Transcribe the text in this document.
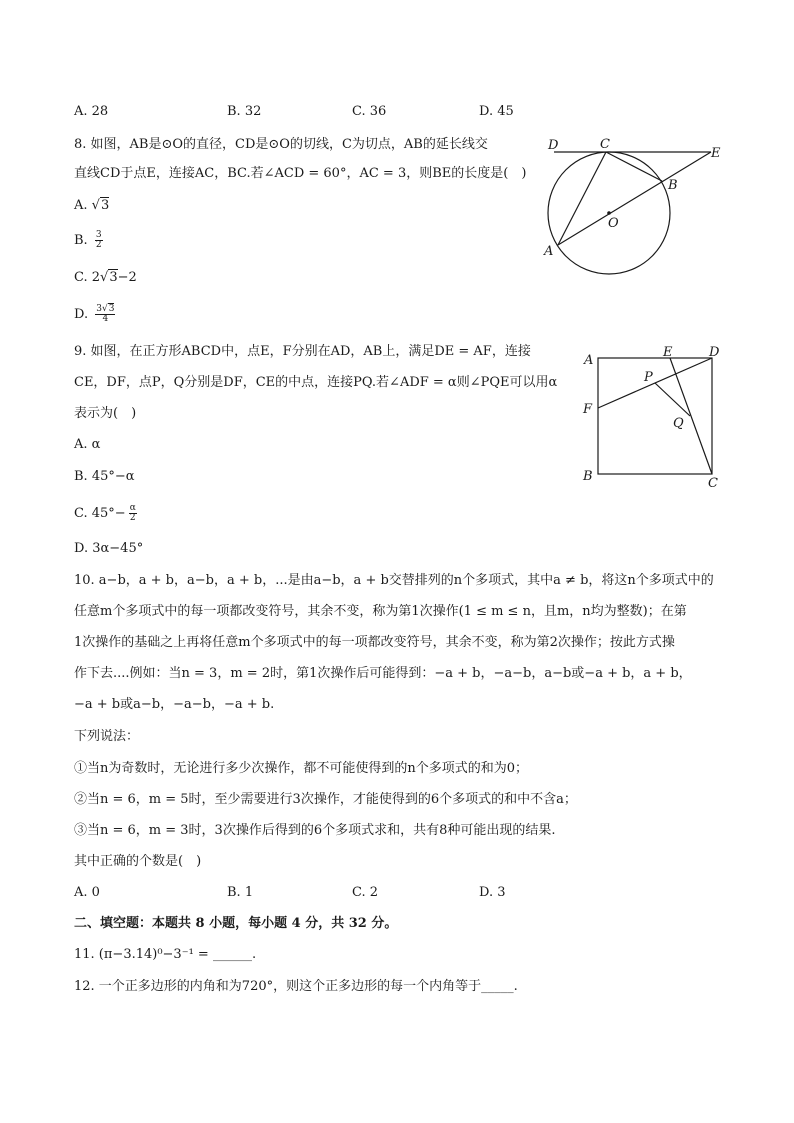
A. 28	B. 32	C. 36	D. 45
8. 如图，AB是⊙O的直径，CD是⊙O的切线，C为切点，AB的延长线交
直线CD于点E，连接AC，BC.若∠ACD = 60°，AC = 3，则BE的长度是(　)
A. √3
B. $\frac{3}{2}$
C. 2√3−2
D. $\frac{3√3}{4}$
D	C
E
B
O
A
9. 如图，在正方形ABCD中，点E，F分别在AD，AB上，满足DE = AF，连接
CE，DF，点P，Q分别是DF，CE的中点，连接PQ.若∠ADF = α则∠PQE可以用α
表示为(　)
A. α
B. 45°−α
C. $45^\circ- \frac{\alpha}{2}$
D. 3α−45°
A
E	D
P
F
Q
B	C
10. a−b，a + b，a−b，a + b，...是由a−b，a + b交替排列的n个多项式，其中a ≠ b，将这n个多项式中的
任意m个多项式中的每一项都改变符号，其余不变，称为第1次操作(1 ≤ m ≤ n，且m，n均为整数)；在第
1次操作的基础之上再将任意m个多项式中的每一项都改变符号，其余不变，称为第2次操作；按此方式操
作下去....例如：当n = 3，m = 2时，第1次操作后可能得到：−a + b，−a−b，a−b或−a + b，a + b，
−a + b或a−b，−a−b，−a + b.
下列说法：
①当n为奇数时，无论进行多少次操作，都不可能使得到的n个多项式的和为0；
②当n = 6，m = 5时，至少需要进行3次操作，才能使得到的6个多项式的和中不含a；
③当n = 6，m = 3时，3次操作后得到的6个多项式求和，共有8种可能出现的结果.
其中正确的个数是(　)
A. 0	B. 1	C. 2	D. 3
二、填空题：本题共 8 小题，每小题 4 分，共 32 分。
11. (π−3.14)⁰−3⁻¹ = ______.
12. 一个正多边形的内角和为720°，则这个正多边形的每一个内角等于_____.
